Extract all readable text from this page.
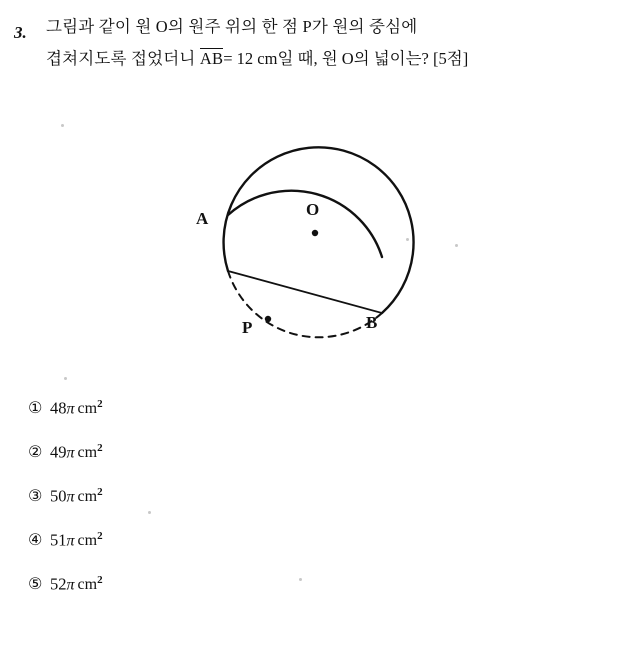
3. 그림과 같이 원 O의 원주 위의 한 점 P가 원의 중심에
겹쳐지도록 접었더니 AB= 12 cm일 때, 원 O의 넓이는? [5점]
A	O
B
P
① 48π $cm^2$
② 49π $cm^2$
③ 50π $cm^2$
④ 51π $cm^2$
⑤ 52π $cm^2$
